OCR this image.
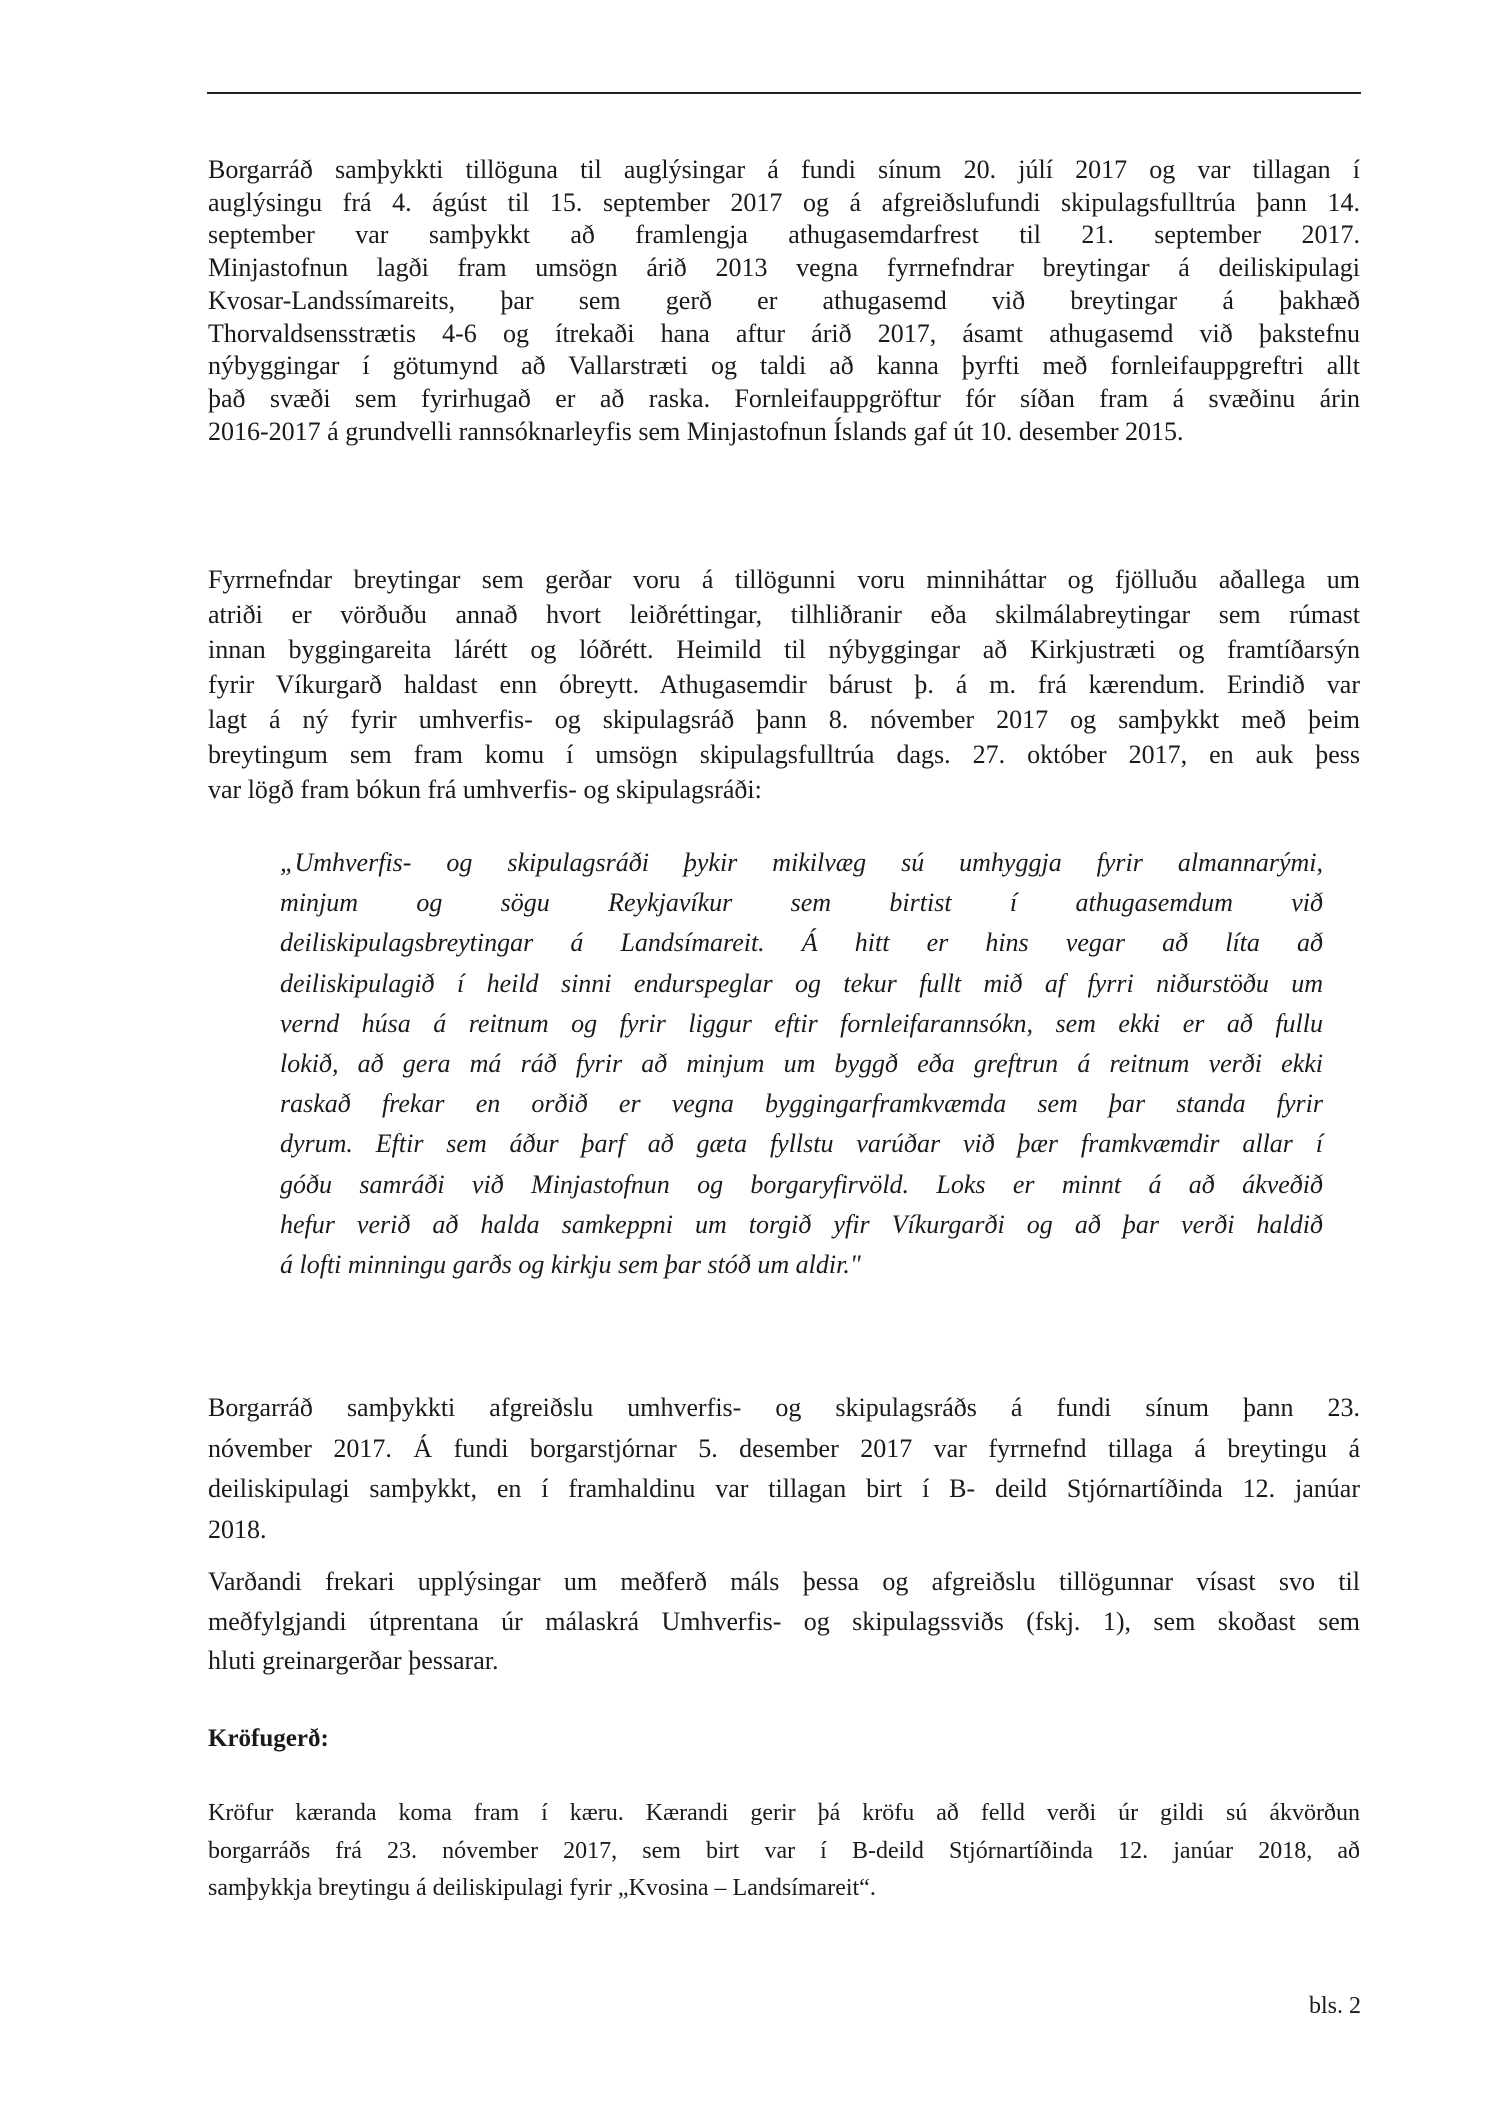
Borgarráð samþykkti tillöguna til auglýsingar á fundi sínum 20. júlí 2017 og var tillagan í
auglýsingu frá 4. ágúst til 15. september 2017 og á afgreiðslufundi skipulagsfulltrúa þann 14.
september var samþykkt að framlengja athugasemdarfrest til 21. september 2017.
Minjastofnun lagði fram umsögn árið 2013 vegna fyrrnefndrar breytingar á deiliskipulagi
Kvosar-Landssímareits, þar sem gerð er athugasemd við breytingar á þakhæð
Thorvaldsensstrætis 4-6 og ítrekaði hana aftur árið 2017, ásamt athugasemd við þakstefnu
nýbyggingar í götumynd að Vallarstræti og taldi að kanna þyrfti með fornleifauppgreftri allt
það svæði sem fyrirhugað er að raska. Fornleifauppgröftur fór síðan fram á svæðinu árin
2016-2017 á grundvelli rannsóknarleyfis sem Minjastofnun Íslands gaf út 10. desember 2015.
Fyrrnefndar breytingar sem gerðar voru á tillögunni voru minniháttar og fjölluðu aðallega um
atriði er vörðuðu annað hvort leiðréttingar, tilhliðranir eða skilmálabreytingar sem rúmast
innan byggingareita lárétt og lóðrétt. Heimild til nýbyggingar að Kirkjustræti og framtíðarsýn
fyrir Víkurgarð haldast enn óbreytt. Athugasemdir bárust þ. á m. frá kærendum. Erindið var
lagt á ný fyrir umhverfis- og skipulagsráð þann 8. nóvember 2017 og samþykkt með þeim
breytingum sem fram komu í umsögn skipulagsfulltrúa dags. 27. október 2017, en auk þess
var lögð fram bókun frá umhverfis- og skipulagsráði:
„Umhverfis- og skipulagsráði þykir mikilvæg sú umhyggja fyrir almannarými,
minjum og sögu Reykjavíkur sem birtist í athugasemdum við
deiliskipulagsbreytingar á Landsímareit. Á hitt er hins vegar að líta að
deiliskipulagið í heild sinni endurspeglar og tekur fullt mið af fyrri niðurstöðu um
vernd húsa á reitnum og fyrir liggur eftir fornleifarannsókn, sem ekki er að fullu
lokið, að gera má ráð fyrir að minjum um byggð eða greftrun á reitnum verði ekki
raskað frekar en orðið er vegna byggingarframkvæmda sem þar standa fyrir
dyrum. Eftir sem áður þarf að gæta fyllstu varúðar við þær framkvæmdir allar í
góðu samráði við Minjastofnun og borgaryfirvöld. Loks er minnt á að ákveðið
hefur verið að halda samkeppni um torgið yfir Víkurgarði og að þar verði haldið
á lofti minningu garðs og kirkju sem þar stóð um aldir."
Borgarráð samþykkti afgreiðslu umhverfis- og skipulagsráðs á fundi sínum þann 23.
nóvember 2017. Á fundi borgarstjórnar 5. desember 2017 var fyrrnefnd tillaga á breytingu á
deiliskipulagi samþykkt, en í framhaldinu var tillagan birt í B- deild Stjórnartíðinda 12. janúar
2018.
Varðandi frekari upplýsingar um meðferð máls þessa og afgreiðslu tillögunnar vísast svo til
meðfylgjandi útprentana úr málaskrá Umhverfis- og skipulagssviðs (fskj. 1), sem skoðast sem
hluti greinargerðar þessarar.
Kröfugerð:
Kröfur kæranda koma fram í kæru. Kærandi gerir þá kröfu að felld verði úr gildi sú ákvörðun
borgarráðs frá 23. nóvember 2017, sem birt var í B-deild Stjórnartíðinda 12. janúar 2018, að
samþykkja breytingu á deiliskipulagi fyrir „Kvosina – Landsímareit“.
bls. 2
